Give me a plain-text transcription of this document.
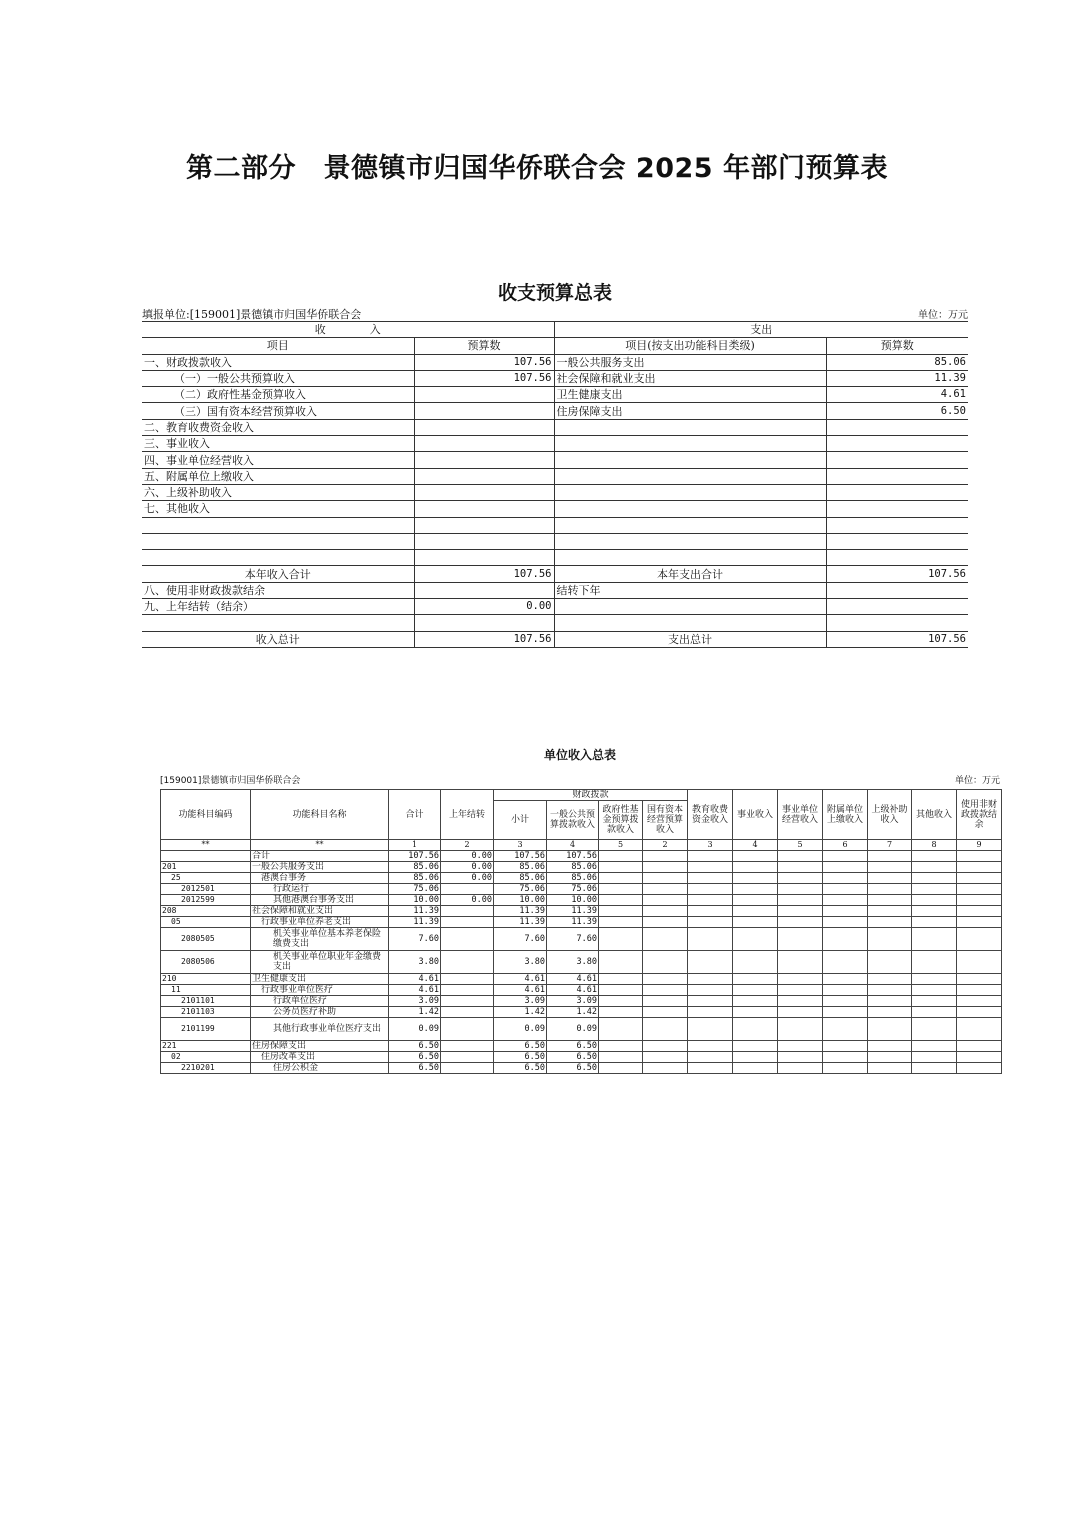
第二部分　景德镇市归国华侨联合会 2025 年部门预算表
收支预算总表
填报单位:[159001]景德镇市归国华侨联合会	单位：万元
收　　　　入		支出	
项目	预算数	项目(按支出功能科目类级)	预算数
一、财政拨款收入	107.56	一般公共服务支出	85.06
（一）一般公共预算收入	107.56	社会保障和就业支出	11.39
（二）政府性基金预算收入		卫生健康支出	4.61
（三）国有资本经营预算收入		住房保障支出	6.50
二、教育收费资金收入			
三、事业收入			
四、事业单位经营收入			
五、附属单位上缴收入			
六、上级补助收入			
七、其他收入			

本年收入合计	107.56	本年支出合计	107.56
八、使用非财政拨款结余		结转下年	
九、上年结转（结余）	0.00		

收入总计	107.56	支出总计	107.56
单位收入总表
[159001]景德镇市归国华侨联合会	单位：万元
功能科目编码	功能科目名称	合计	上年结转	财政拨款				教育收费资金收入	事业收入	事业单位经营收入	附属单位上缴收入	上级补助收入	其他收入	使用非财政拨款结余
				小计	一般公共预算拨款收入	政府性基金预算拨款收入	国有资本经营预算收入							
**	**	1	2	3	4	5	2	3	4	5	6	7	8	9
	合计	107.56	0.00	107.56	107.56									
201	一般公共服务支出	85.06	0.00	85.06	85.06									
25	港澳台事务	85.06	0.00	85.06	85.06									
2012501	行政运行	75.06		75.06	75.06									
2012599	其他港澳台事务支出	10.00	0.00	10.00	10.00									
208	社会保障和就业支出	11.39		11.39	11.39									
05	行政事业单位养老支出	11.39		11.39	11.39									
2080505	机关事业单位基本养老保险缴费支出	7.60		7.60	7.60									
2080506	机关事业单位职业年金缴费支出	3.80		3.80	3.80									
210	卫生健康支出	4.61		4.61	4.61									
11	行政事业单位医疗	4.61		4.61	4.61									
2101101	行政单位医疗	3.09		3.09	3.09									
2101103	公务员医疗补助	1.42		1.42	1.42									
2101199	其他行政事业单位医疗支出	0.09		0.09	0.09									
221	住房保障支出	6.50		6.50	6.50									
02	住房改革支出	6.50		6.50	6.50									
2210201	住房公积金	6.50		6.50	6.50									
